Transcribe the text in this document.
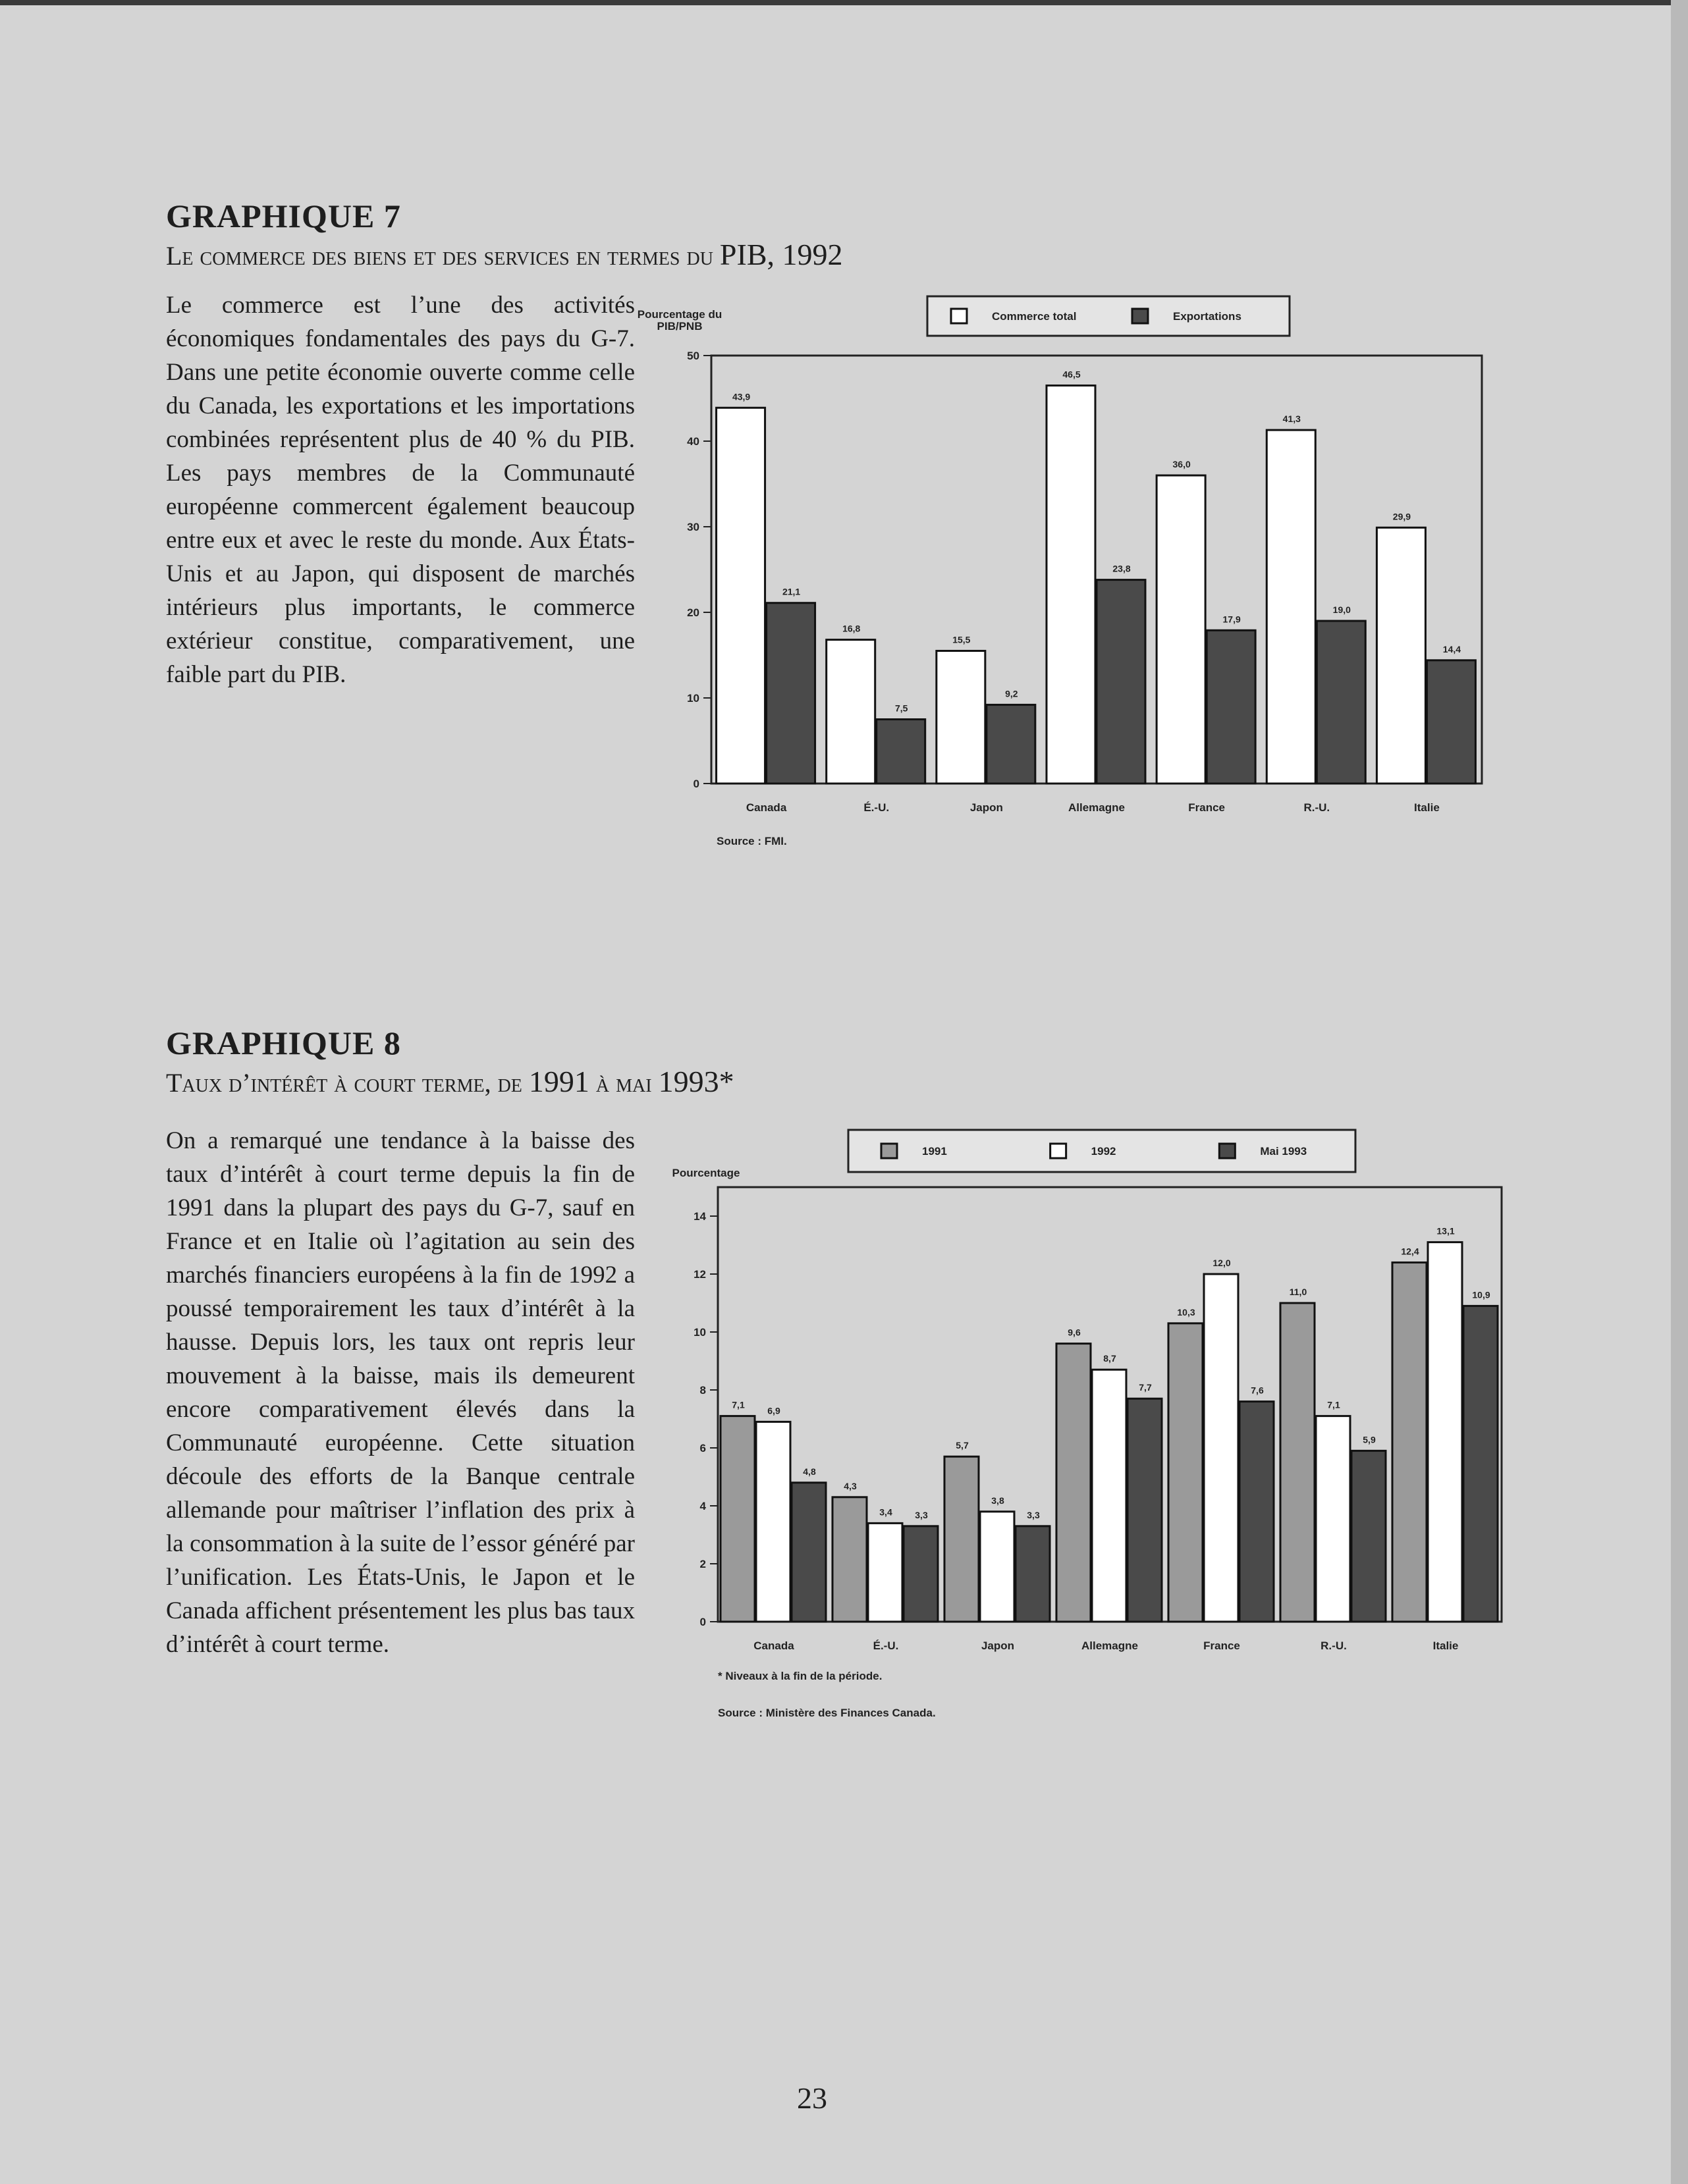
GRAPHIQUE 7

Le commerce des biens et des services en termes du PIB, 1992

Le commerce est l’une des activités économiques fondamentales des pays du G-7. Dans une petite économie ouverte comme celle du Canada, les exportations et les importations combinées représentent plus de 40 % du PIB. Les pays membres de la Communauté européenne commercent également beaucoup entre eux et avec le reste du monde. Aux États-Unis et au Japon, qui disposent de marchés intérieurs plus importants, le commerce extérieur constitue, comparativement, une faible part du PIB.

Pourcentage du
PIB/PNB
0
10
20
30
40
50
43,9
21,1
Canada
16,8
7,5
É.-U.
15,5
9,2
Japon
46,5
23,8
Allemagne
36,0
17,9
France
41,3
19,0
R.-U.
29,9
14,4
Italie
Commerce total	Exportations
Source : FMI.
GRAPHIQUE 8

Taux d’intérêt à court terme, de 1991 à mai 1993*

On a remarqué une tendance à la baisse des taux d’intérêt à court terme depuis la fin de 1991 dans la plupart des pays du G-7, sauf en France et en Italie où l’agitation au sein des marchés financiers européens à la fin de 1992 a poussé temporairement les taux d’intérêt à la hausse. Depuis lors, les taux ont repris leur mouvement à la baisse, mais ils demeurent encore comparativement élevés dans la Communauté européenne. Cette situation découle des efforts de la Banque centrale allemande pour maîtriser l’inflation des prix à la consommation à la suite de l’essor généré par l’unification. Les États-Unis, le Japon et le Canada affichent présentement les plus bas taux d’intérêt à court terme.

Pourcentage
0
2
4
6
8
10
12
14
7,1
6,9
4,8
Canada
4,3
3,4 3,3
É.-U.
5,7
3,8
3,3
Japon
9,6
8,7
7,7
Allemagne
10,3
12,0
7,6
France
11,0
7,1
5,9
R.-U.
12,4
13,1
10,9
Italie
1991	1992	Mai 1993
* Niveaux à la fin de la période.
Source : Ministère des Finances Canada.
23
